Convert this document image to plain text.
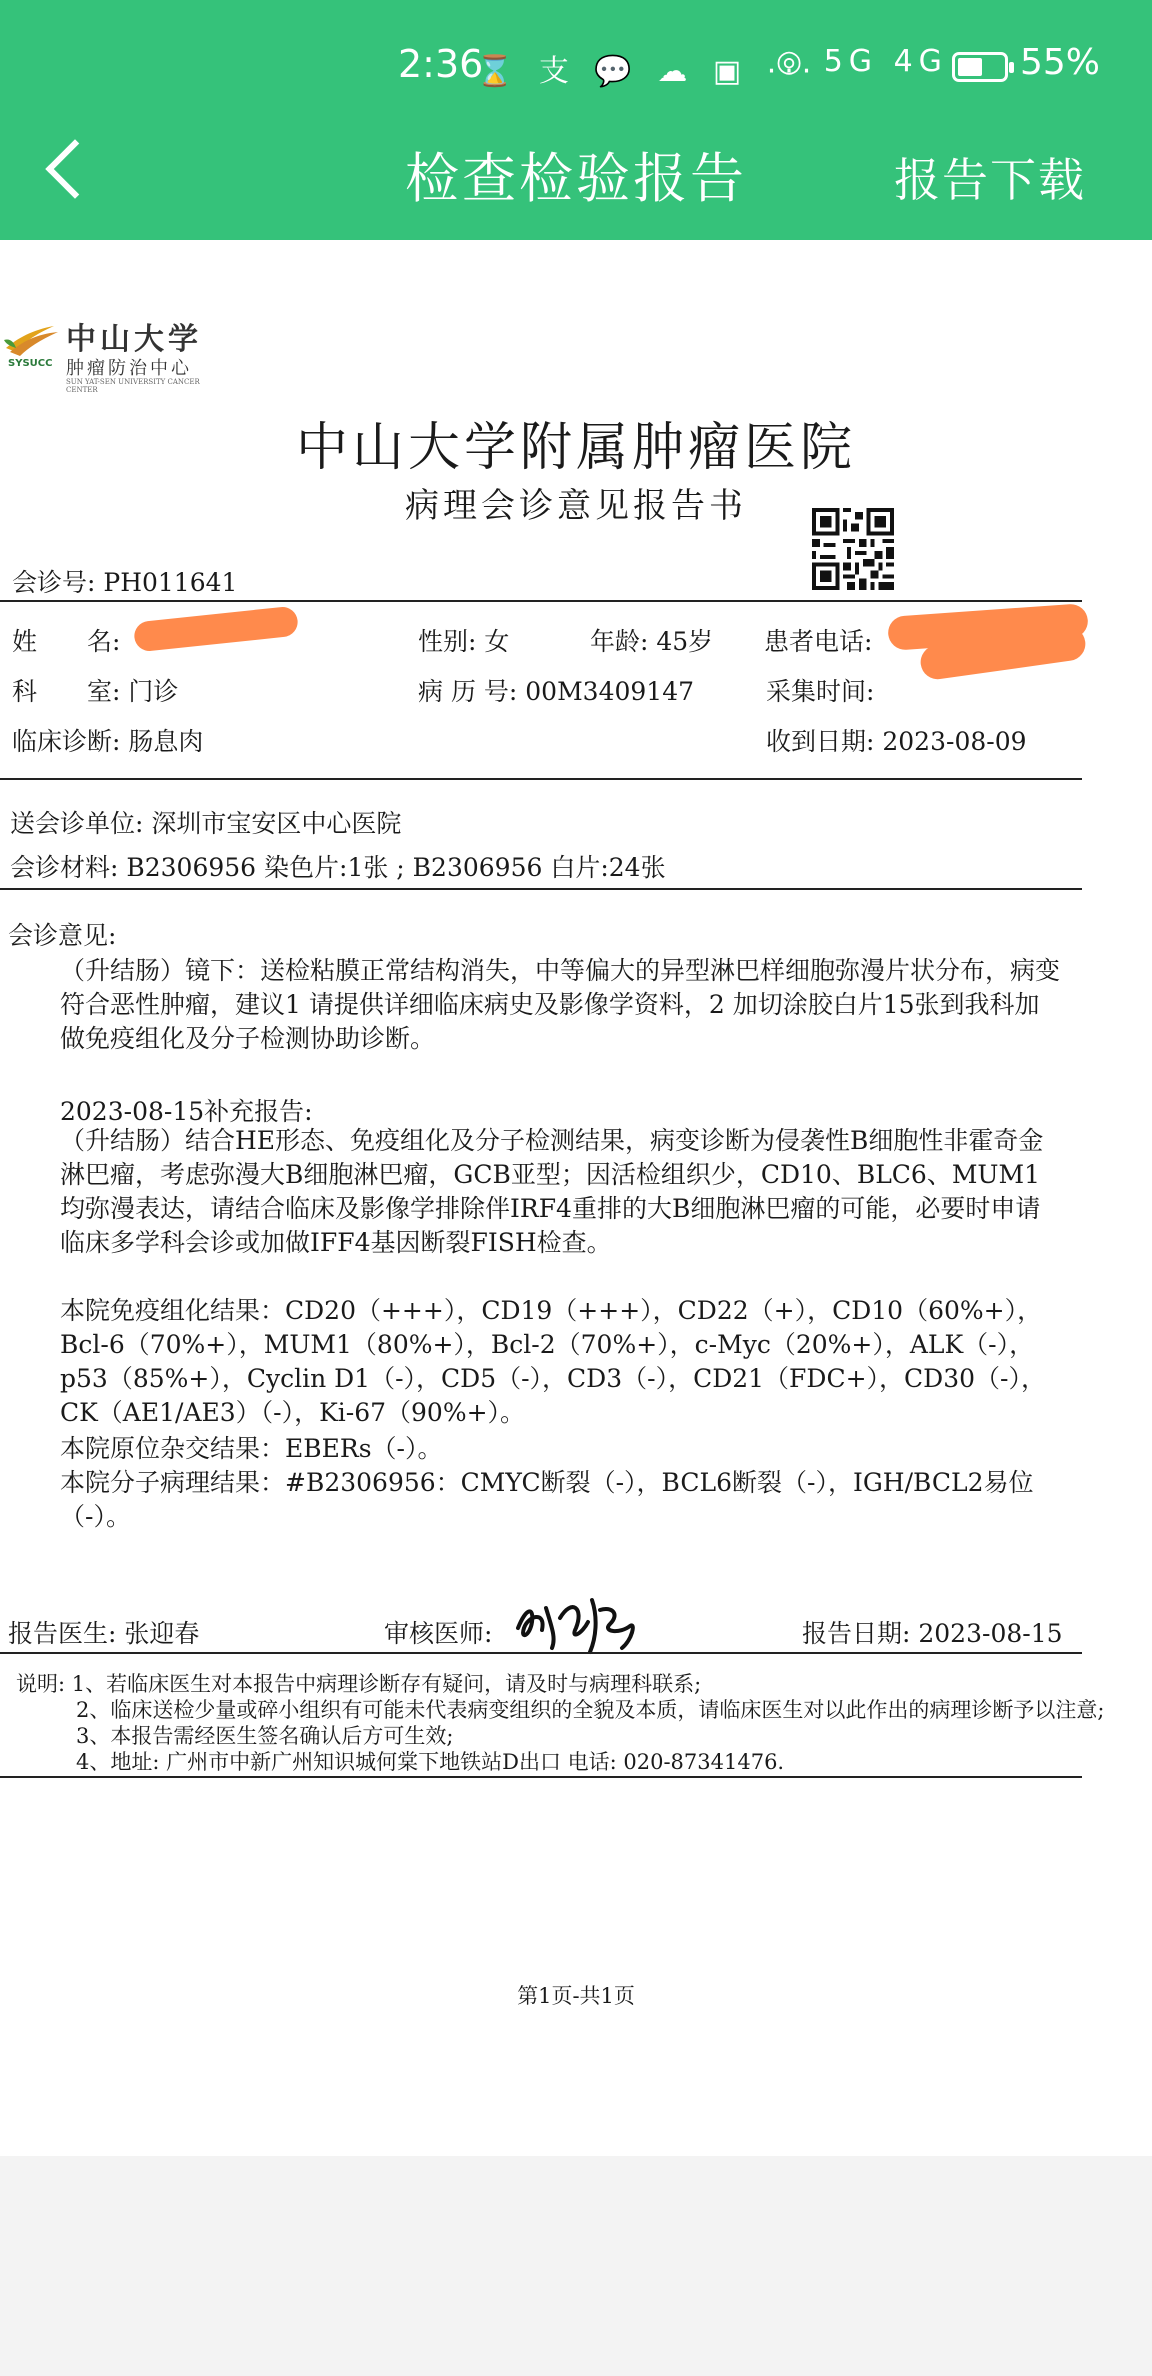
2:36
⌛ 支 💬 ☁ ▣ ···
◎ 5G 4G 55%
检查检验报告	报告下载
SYSUCC
中山大学
肿瘤防治中心
SUN YAT-SEN UNIVERSITY CANCER CENTER
中山大学附属肿瘤医院
病理会诊意见报告书
会诊号: PH011641
姓　　名:	性别: 女	年龄: 45岁 患者电话:
科　　室: 门诊	病 历 号: 00M3409147	采集时间:
临床诊断: 肠息肉	收到日期: 2023-08-09
送会诊单位: 深圳市宝安区中心医院
会诊材料: B2306956 染色片:1张 ; B2306956 白片:24张
会诊意见:
（升结肠）镜下：送检粘膜正常结构消失，中等偏大的异型淋巴样细胞弥漫片状分布，病变符合恶性肿瘤，建议1 请提供详细临床病史及影像学资料，2 加切涂胶白片15张到我科加做免疫组化及分子检测协助诊断。
2023-08-15补充报告:
（升结肠）结合HE形态、免疫组化及分子检测结果，病变诊断为侵袭性B细胞性非霍奇金淋巴瘤，考虑弥漫大B细胞淋巴瘤，GCB亚型；因活检组织少，CD10、BLC6、MUM1均弥漫表达，请结合临床及影像学排除伴IRF4重排的大B细胞淋巴瘤的可能，必要时申请临床多学科会诊或加做IFF4基因断裂FISH检查。
本院免疫组化结果：CD20（+++），CD19（+++），CD22（+），CD10（60%+），Bcl-6（70%+），MUM1（80%+），Bcl-2（70%+），c-Myc（20%+），ALK（-），p53（85%+），Cyclin D1（-），CD5（-），CD3（-），CD21（FDC+），CD30（-），CK（AE1/AE3）（-），Ki-67（90%+）。
本院原位杂交结果：EBERs（-）。
本院分子病理结果：#B2306956：CMYC断裂（-），BCL6断裂（-），IGH/BCL2易位（-）。
报告医生: 张迎春	审核医师:	报告日期: 2023-08-15
说明: 1、若临床医生对本报告中病理诊断存有疑问，请及时与病理科联系;
2、临床送检少量或碎小组织有可能未代表病变组织的全貌及本质，请临床医生对以此作出的病理诊断予以注意;
3、本报告需经医生签名确认后方可生效;
4、地址: 广州市中新广州知识城何棠下地铁站D出口 电话: 020-87341476.
第1页-共1页
